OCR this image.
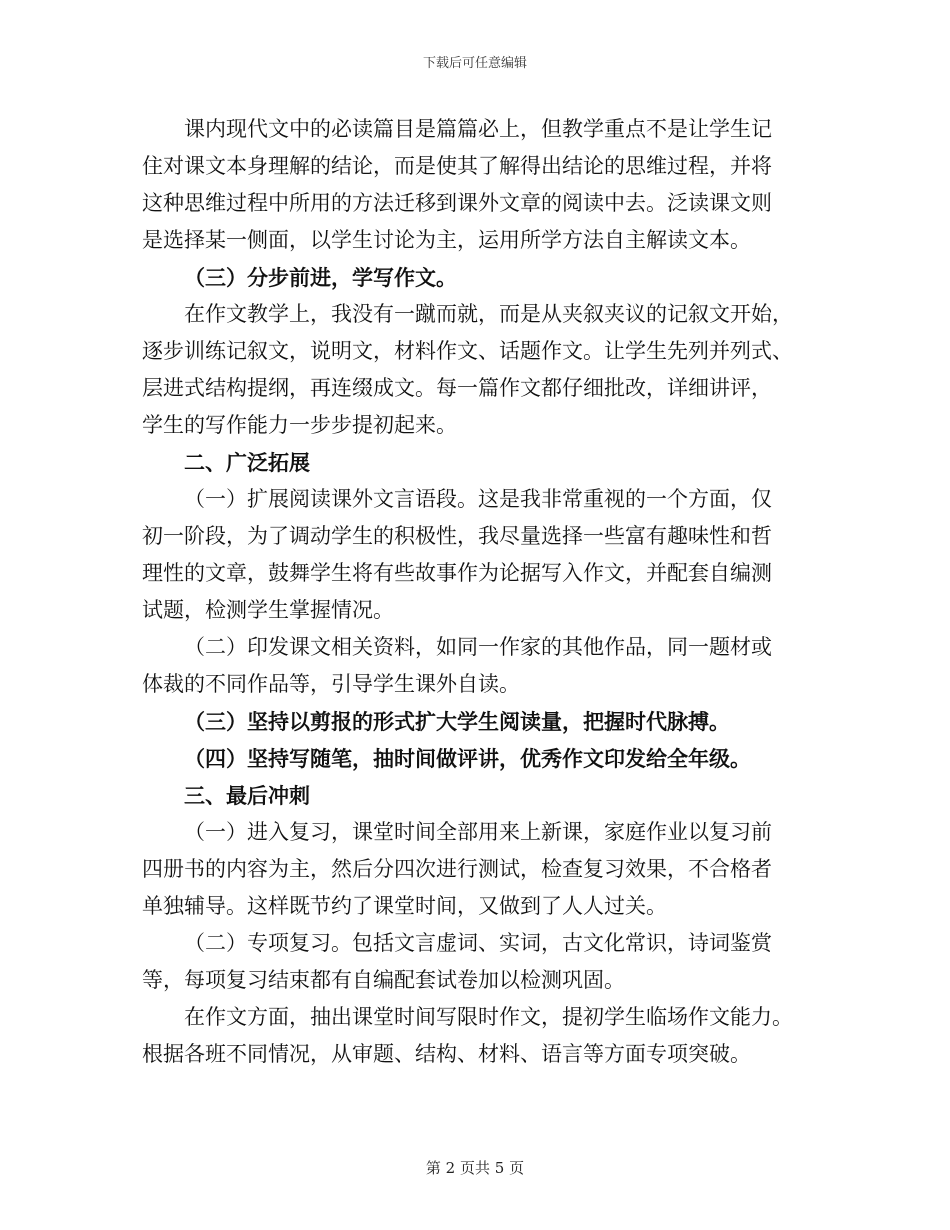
下载后可任意编辑
课内现代文中的必读篇目是篇篇必上，但教学重点不是让学生记
住对课文本身理解的结论，而是使其了解得出结论的思维过程，并将
这种思维过程中所用的方法迁移到课外文章的阅读中去。泛读课文则
是选择某一侧面，以学生讨论为主，运用所学方法自主解读文本。
（三）分步前进，学写作文。
在作文教学上，我没有一蹴而就，而是从夹叙夹议的记叙文开始，
逐步训练记叙文，说明文，材料作文、话题作文。让学生先列并列式、
层进式结构提纲，再连缀成文。每一篇作文都仔细批改，详细讲评，
学生的写作能力一步步提初起来。
二、广泛拓展
（一）扩展阅读课外文言语段。这是我非常重视的一个方面，仅
初一阶段，为了调动学生的积极性，我尽量选择一些富有趣味性和哲
理性的文章，鼓舞学生将有些故事作为论据写入作文，并配套自编测
试题，检测学生掌握情况。
（二）印发课文相关资料，如同一作家的其他作品，同一题材或
体裁的不同作品等，引导学生课外自读。
（三）坚持以剪报的形式扩大学生阅读量，把握时代脉搏。
（四）坚持写随笔，抽时间做评讲，优秀作文印发给全年级。
三、最后冲刺
（一）进入复习，课堂时间全部用来上新课，家庭作业以复习前
四册书的内容为主，然后分四次进行测试，检查复习效果，不合格者
单独辅导。这样既节约了课堂时间，又做到了人人过关。
（二）专项复习。包括文言虚词、实词，古文化常识，诗词鉴赏
等，每项复习结束都有自编配套试卷加以检测巩固。
在作文方面，抽出课堂时间写限时作文，提初学生临场作文能力。
根据各班不同情况，从审题、结构、材料、语言等方面专项突破。
第 2 页共 5 页
